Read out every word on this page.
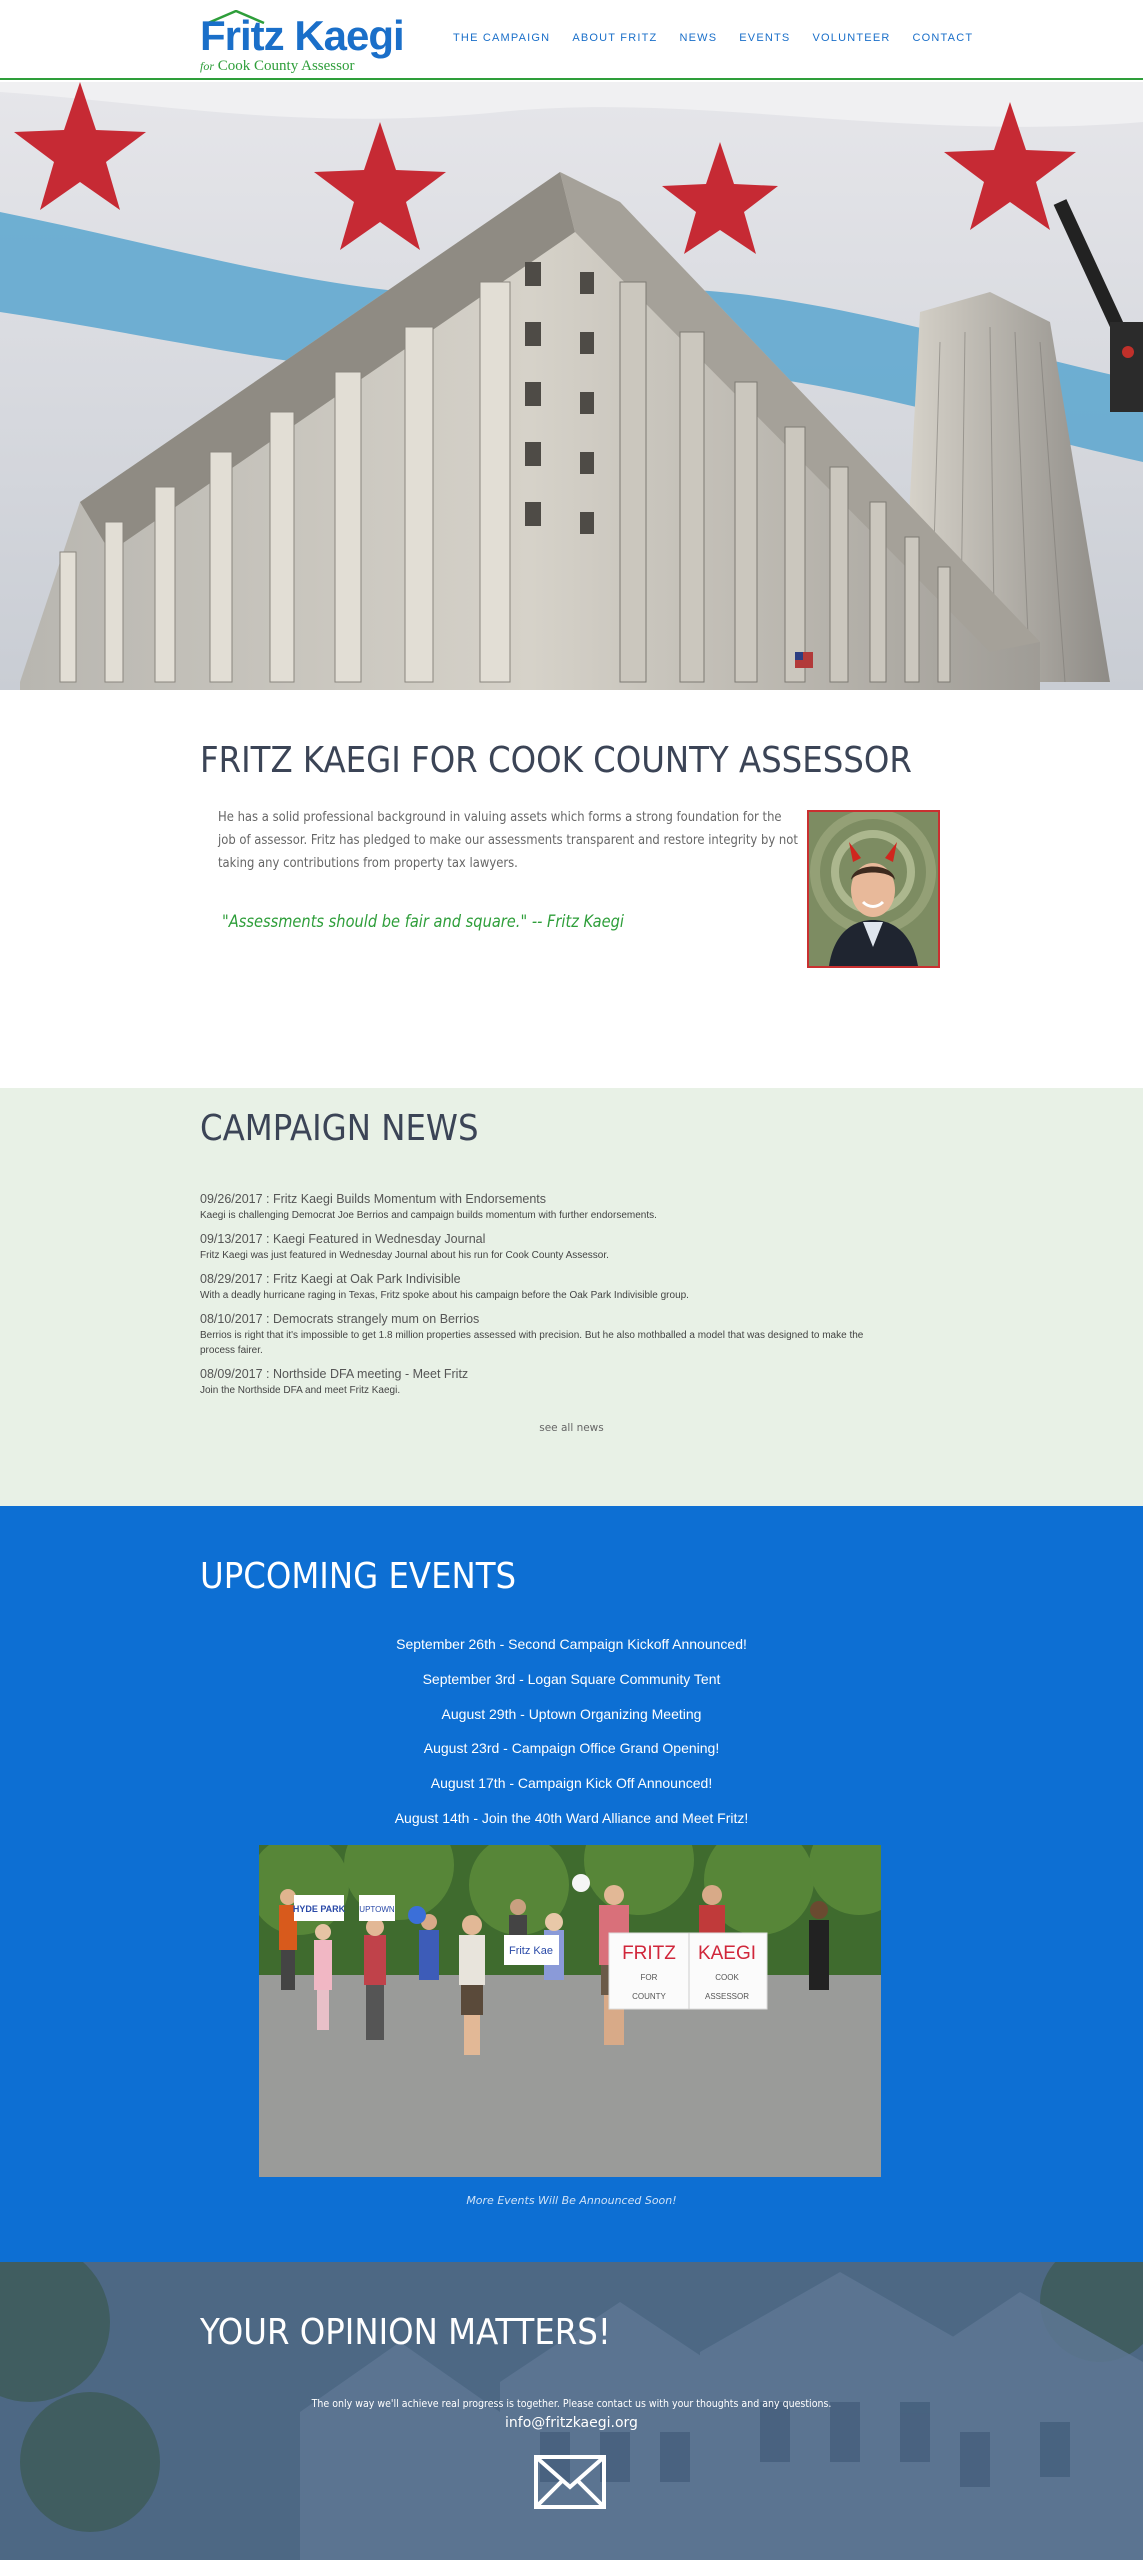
Fritz Kaegi
for Cook County Assessor
THE CAMPAIGN ABOUT FRITZ NEWS EVENTS VOLUNTEER CONTACT
FRITZ KAEGI FOR COOK COUNTY ASSESSOR

He has a solid professional background in valuing assets which forms a strong foundation for the job of assessor. Fritz has pledged to make our assessments transparent and restore integrity by not taking any contributions from property tax lawyers.

"Assessments should be fair and square." -- Fritz Kaegi
CAMPAIGN NEWS
09/26/2017 : Fritz Kaegi Builds Momentum with Endorsements
Kaegi is challenging Democrat Joe Berrios and campaign builds momentum with further endorsements.
09/13/2017 : Kaegi Featured in Wednesday Journal
Fritz Kaegi was just featured in Wednesday Journal about his run for Cook County Assessor.
08/29/2017 : Fritz Kaegi at Oak Park Indivisible
With a deadly hurricane raging in Texas, Fritz spoke about his campaign before the Oak Park Indivisible group.
08/10/2017 : Democrats strangely mum on Berrios
Berrios is right that it's impossible to get 1.8 million properties assessed with precision. But he also mothballed a model that was designed to make the process fairer.
08/09/2017 : Northside DFA meeting - Meet Fritz
Join the Northside DFA and meet Fritz Kaegi.
see all news
UPCOMING EVENTS
September 26th - Second Campaign Kickoff Announced!
September 3rd - Logan Square Community Tent
August 29th - Uptown Organizing Meeting
August 23rd - Campaign Office Grand Opening!
August 17th - Campaign Kick Off Announced!
August 14th - Join the 40th Ward Alliance and Meet Fritz!
HYDE PARK UPTOWN
Fritz Kae	FRITZ
FOR
COUNTY
KAEGI
COOK
ASSESSOR
More Events Will Be Announced Soon!
YOUR OPINION MATTERS!
The only way we'll achieve real progress is together. Please contact us with your thoughts and any questions.
info@fritzkaegi.org
